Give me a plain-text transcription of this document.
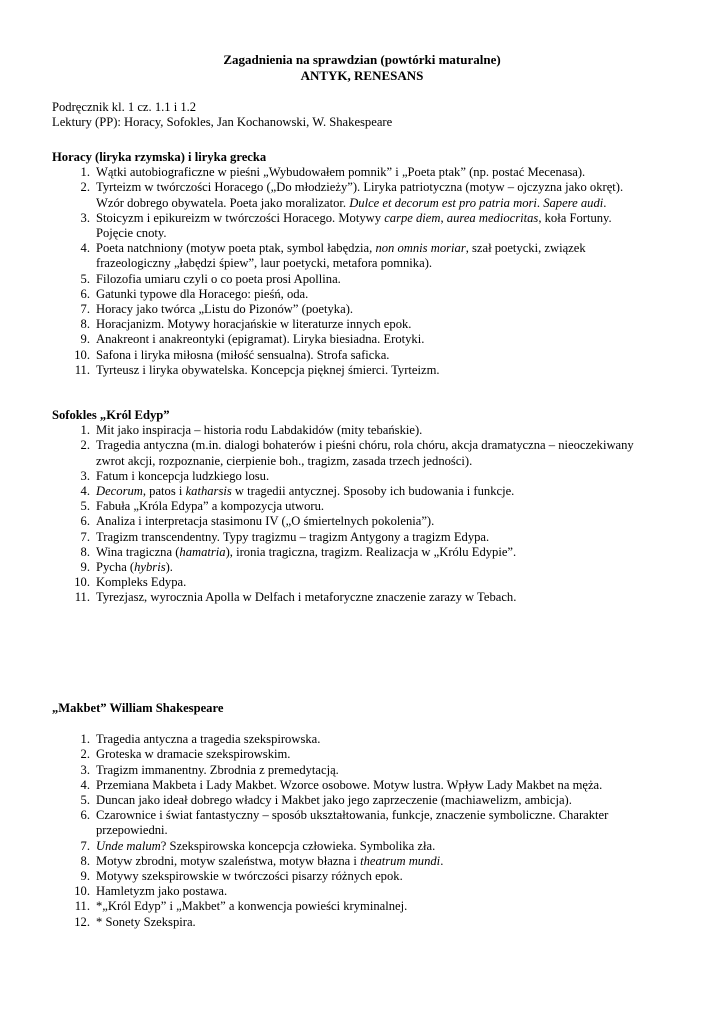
Zagadnienia na sprawdzian (powtórki maturalne)
ANTYK, RENESANS
Podręcznik kl. 1 cz. 1.1 i 1.2
Lektury (PP): Horacy, Sofokles, Jan Kochanowski, W. Shakespeare
Horacy (liryka rzymska) i liryka grecka
1. Wątki autobiograficzne w pieśni „Wybudowałem pomnik” i „Poeta ptak” (np. postać Mecenasa).
2. Tyrteizm w twórczości Horacego („Do młodzieży”). Liryka patriotyczna (motyw – ojczyzna jako okręt).
Wzór dobrego obywatela. Poeta jako moralizator. Dulce et decorum est pro patria mori. Sapere audi.
3. Stoicyzm i epikureizm w twórczości Horacego. Motywy carpe diem, aurea mediocritas, koła Fortuny.
Pojęcie cnoty.
4. Poeta natchniony (motyw poeta ptak, symbol łabędzia, non omnis moriar, szał poetycki, związek
frazeologiczny „łabędzi śpiew”, laur poetycki, metafora pomnika).
5. Filozofia umiaru czyli o co poeta prosi Apollina.
6. Gatunki typowe dla Horacego: pieśń, oda.
7. Horacy jako twórca „Listu do Pizonów” (poetyka).
8. Horacjanizm. Motywy horacjańskie w literaturze innych epok.
9. Anakreont i anakreontyki (epigramat). Liryka biesiadna. Erotyki.
10. Safona i liryka miłosna (miłość sensualna). Strofa saficka.
11. Tyrteusz i liryka obywatelska. Koncepcja pięknej śmierci. Tyrteizm.
Sofokles „Król Edyp”
1. Mit jako inspiracja – historia rodu Labdakidów (mity tebańskie).
2. Tragedia antyczna (m.in. dialogi bohaterów i pieśni chóru, rola chóru, akcja dramatyczna – nieoczekiwany
zwrot akcji, rozpoznanie, cierpienie boh., tragizm, zasada trzech jedności).
3. Fatum i koncepcja ludzkiego losu.
4. Decorum, patos i katharsis w tragedii antycznej. Sposoby ich budowania i funkcje.
5. Fabuła „Króla Edypa” a kompozycja utworu.
6. Analiza i interpretacja stasimonu IV („O śmiertelnych pokolenia”).
7. Tragizm transcendentny. Typy tragizmu – tragizm Antygony a tragizm Edypa.
8. Wina tragiczna (hamatria), ironia tragiczna, tragizm. Realizacja w „Królu Edypie”.
9. Pycha (hybris).
10. Kompleks Edypa.
11. Tyrezjasz, wyrocznia Apolla w Delfach i metaforyczne znaczenie zarazy w Tebach.
„Makbet” William Shakespeare
1. Tragedia antyczna a tragedia szekspirowska.
2. Groteska w dramacie szekspirowskim.
3. Tragizm immanentny. Zbrodnia z premedytacją.
4. Przemiana Makbeta i Lady Makbet. Wzorce osobowe. Motyw lustra. Wpływ Lady Makbet na męża.
5. Duncan jako ideał dobrego władcy i Makbet jako jego zaprzeczenie (machiawelizm, ambicja).
6. Czarownice i świat fantastyczny – sposób ukształtowania, funkcje, znaczenie symboliczne. Charakter
przepowiedni.
7. Unde malum? Szekspirowska koncepcja człowieka. Symbolika zła.
8. Motyw zbrodni, motyw szaleństwa, motyw błazna i theatrum mundi.
9. Motywy szekspirowskie w twórczości pisarzy różnych epok.
10. Hamletyzm jako postawa.
11. *„Król Edyp” i „Makbet” a konwencja powieści kryminalnej.
12. * Sonety Szekspira.
